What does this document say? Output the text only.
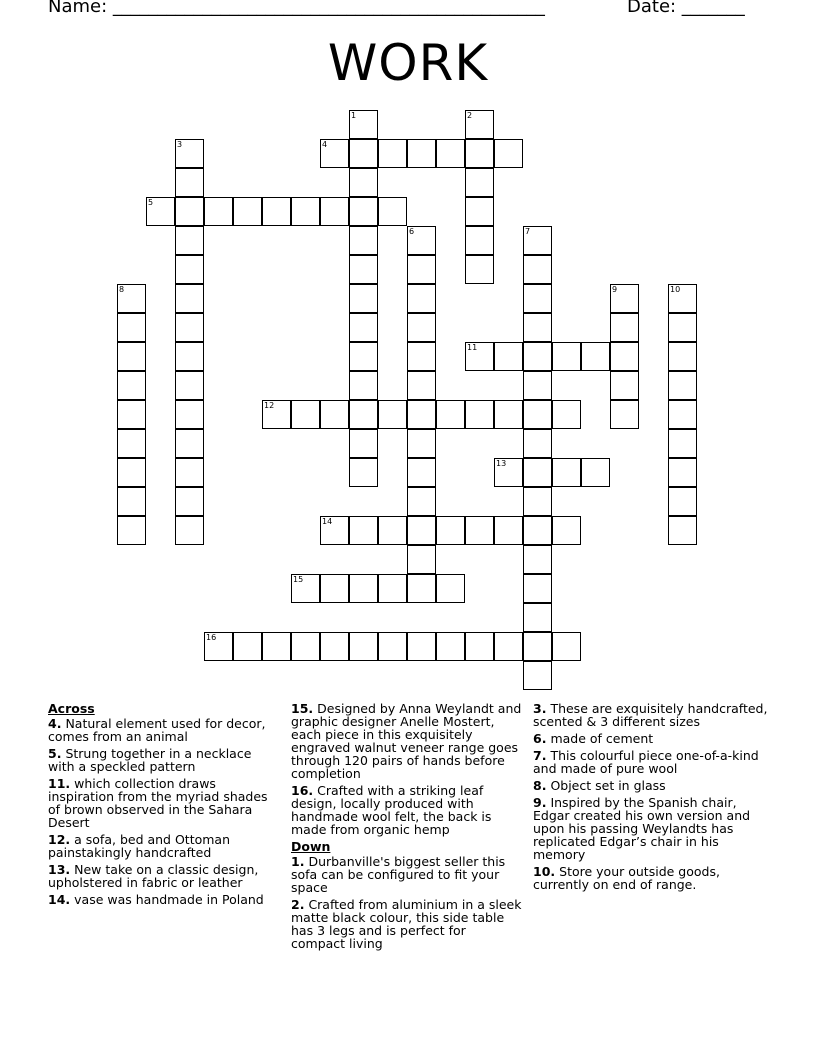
Name: ________________________________________________	Date: _______
WORK
1	2
3	4
5
6	7
8	9	10
11
12
13
14
15
16
Across
4. Natural element used for decor, comes from an animal
5. Strung together in a necklace with a speckled pattern
11. which collection draws inspiration from the myriad shades of brown observed in the Sahara Desert
12. a sofa, bed and Ottoman painstakingly handcrafted
13. New take on a classic design, upholstered in fabric or leather
14. vase was handmade in Poland
15. Designed by Anna Weylandt and graphic designer Anelle Mostert, each piece in this exquisitely engraved walnut veneer range goes through 120 pairs of hands before completion
16. Crafted with a striking leaf design, locally produced with handmade wool felt, the back is made from organic hemp
Down
1. Durbanville's biggest seller this sofa can be configured to fit your space
2. Crafted from aluminium in a sleek matte black colour, this side table has 3 legs and is perfect for compact living
3. These are exquisitely handcrafted, scented & 3 different sizes
6. made of cement
7. This colourful piece one-of-a-kind and made of pure wool
8. Object set in glass
9. Inspired by the Spanish chair, Edgar created his own version and upon his passing Weylandts has replicated Edgar’s chair in his memory
10. Store your outside goods, currently on end of range.
